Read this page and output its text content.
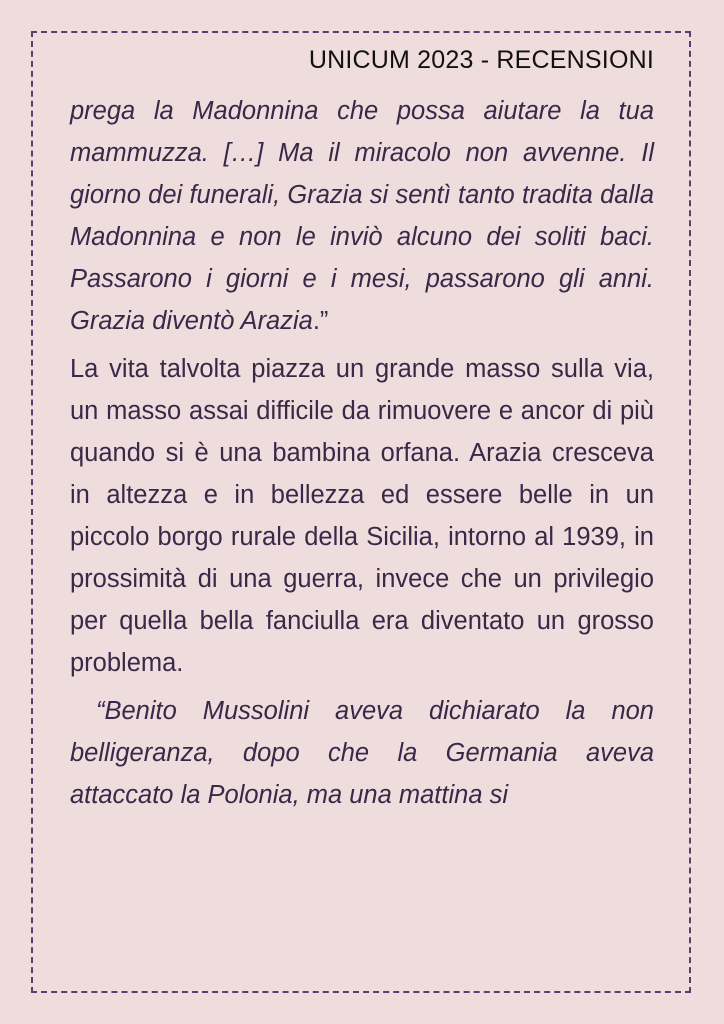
UNICUM 2023 - RECENSIONI

prega la Madonnina che possa aiutare la tua mammuzza. […] Ma il miracolo non avvenne. Il giorno dei funerali, Grazia si sentì tanto tradita dalla Madonnina e non le inviò alcuno dei soliti baci. Passarono i giorni e i mesi, passarono gli anni. Grazia diventò Arazia.”

La vita talvolta piazza un grande masso sulla via, un masso assai difficile da rimuovere e ancor di più quando si è una bambina orfana. Arazia cresceva in altezza e in bellezza ed essere belle in un piccolo borgo rurale della Sicilia, intorno al 1939, in prossimità di una guerra, invece che un privilegio per quella bella fanciulla era diventato un grosso problema.

“Benito Mussolini aveva dichiarato la non belligeranza, dopo che la Germania aveva attaccato la Polonia, ma una mattina si
